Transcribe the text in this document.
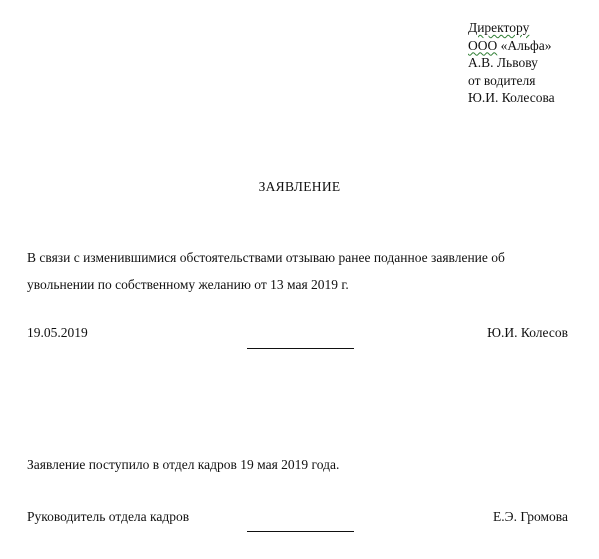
Директору
ООО «Альфа»
А.В. Львову
от водителя
Ю.И. Колесова
ЗАЯВЛЕНИЕ
В связи с изменившимися обстоятельствами отзываю ранее поданное заявление об
увольнении по собственному желанию от 13 мая 2019 г.
19.05.2019	Ю.И. Колесов
Заявление поступило в отдел кадров 19 мая 2019 года.
Руководитель отдела кадров	Е.Э. Громова
